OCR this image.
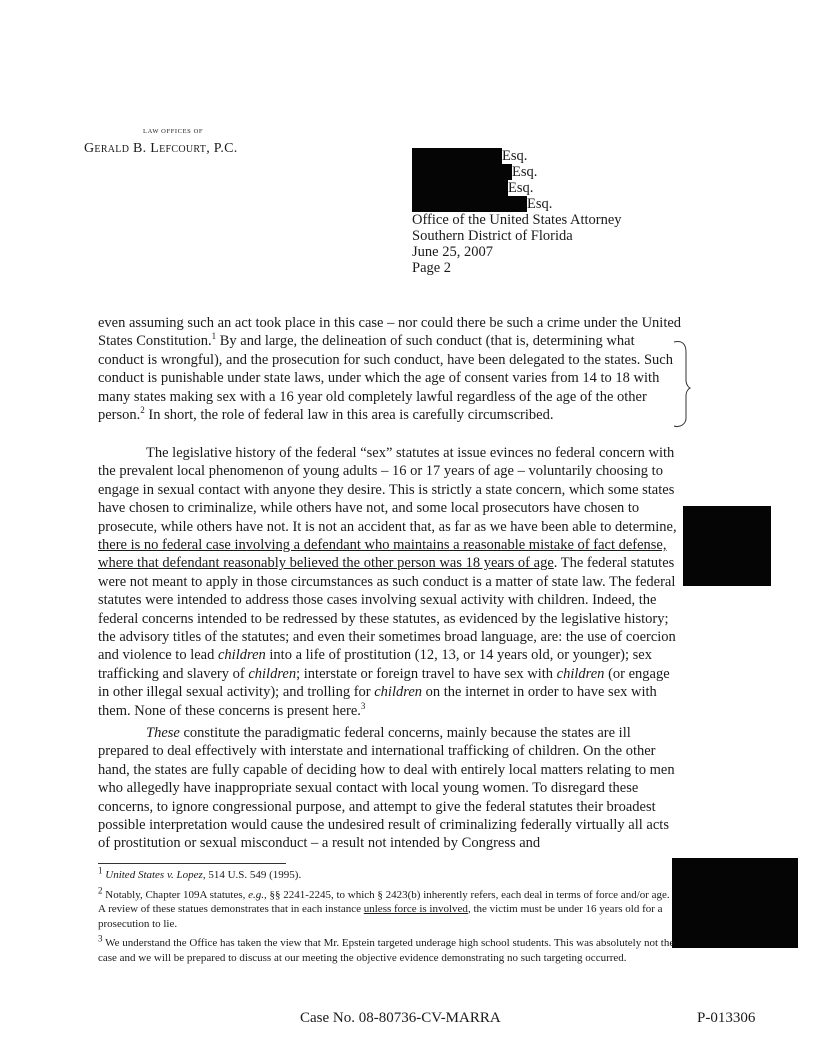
LAW OFFICES OF
Gerald B. Lefcourt, P.C.	Esq.
Esq.
Esq.
Esq.
Office of the United States Attorney
Southern District of Florida
June 25, 2007
Page 2

even assuming such an act took place in this case – nor could there be such a crime under the United States Constitution.$^1$ By and large, the delineation of such conduct (that is, determining what conduct is wrongful), and the prosecution for such conduct, have been delegated to the states. Such conduct is punishable under state laws, under which the age of consent varies from 14 to 18 with many states making sex with a 16 year old completely lawful regardless of the age of the other person.$^2$ In short, the role of federal law in this area is carefully circumscribed.

The legislative history of the federal “sex” statutes at issue evinces no federal concern with the prevalent local phenomenon of young adults – 16 or 17 years of age – voluntarily choosing to engage in sexual contact with anyone they desire. This is strictly a state concern, which some states have chosen to criminalize, while others have not, and some local prosecutors have chosen to prosecute, while others have not. It is not an accident that, as far as we have been able to determine, there is no federal case involving a defendant who maintains a reasonable mistake of fact defense, where that defendant reasonably believed the other person was 18 years of age. The federal statutes were not meant to apply in those circumstances as such conduct is a matter of state law. The federal statutes were intended to address those cases involving sexual activity with children. Indeed, the federal concerns intended to be redressed by these statutes, as evidenced by the legislative history; the advisory titles of the statutes; and even their sometimes broad language, are: the use of coercion and violence to lead children into a life of prostitution (12, 13, or 14 years old, or younger); sex trafficking and slavery of children; interstate or foreign travel to have sex with children (or engage in other illegal sexual activity); and trolling for children on the internet in order to have sex with them. None of these concerns is present here.$^3$

These constitute the paradigmatic federal concerns, mainly because the states are ill prepared to deal effectively with interstate and international trafficking of children. On the other hand, the states are fully capable of deciding how to deal with entirely local matters relating to men who allegedly have inappropriate sexual contact with local young women. To disregard these concerns, to ignore congressional purpose, and attempt to give the federal statutes their broadest possible interpretation would cause the undesired result of criminalizing federally virtually all acts of prostitution or sexual misconduct – a result not intended by Congress and

$^1$ United States v. Lopez, 514 U.S. 549 (1995).

$^2$ Notably, Chapter 109A statutes, e.g., §§ 2241-2245, to which § 2423(b) inherently refers, each deal in terms of force and/or age. A review of these statues demonstrates that in each instance unless force is involved, the victim must be under 16 years old for a prosecution to lie.

$^3$ We understand the Office has taken the view that Mr. Epstein targeted underage high school students. This was absolutely not the case and we will be prepared to discuss at our meeting the objective evidence demonstrating no such targeting occurred.

Case No. 08-80736-CV-MARRA	P-013306
